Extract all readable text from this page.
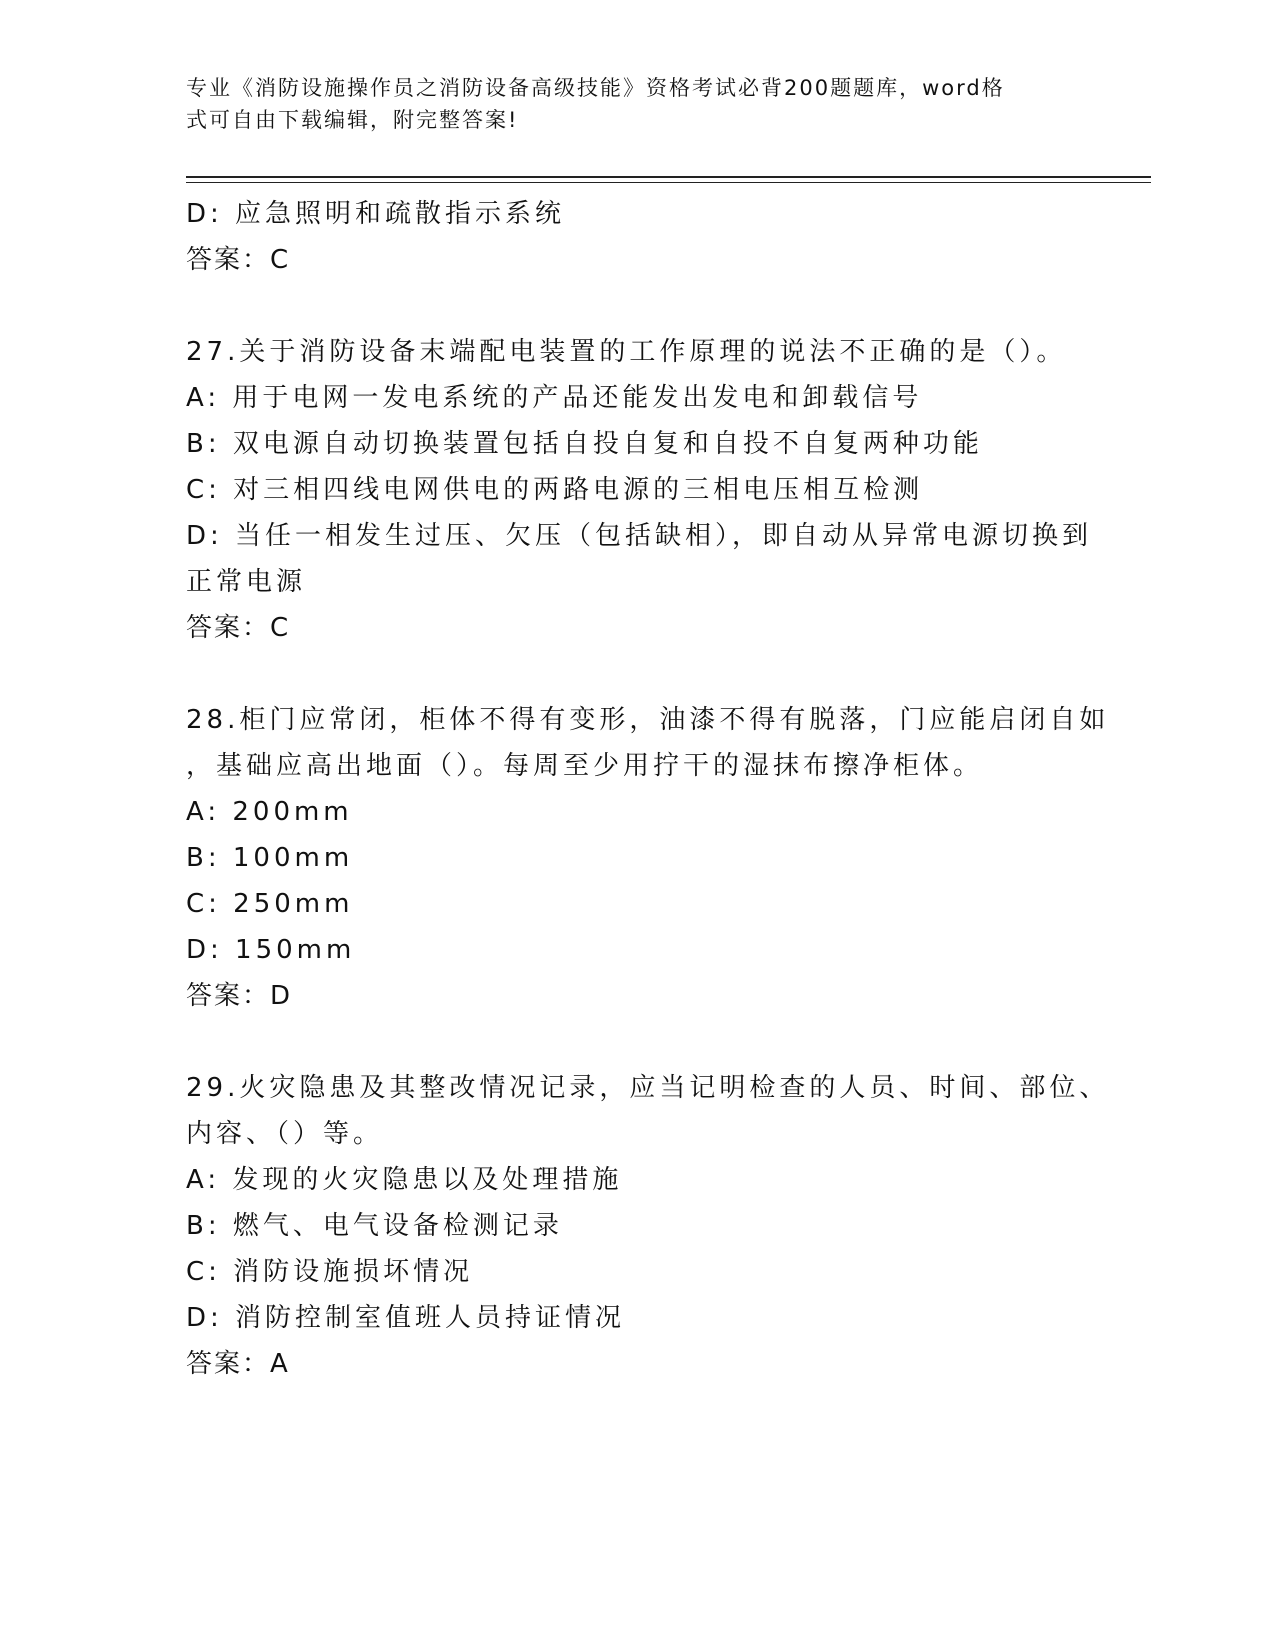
专业《消防设施操作员之消防设备高级技能》资格考试必背200题题库，word格
式可自由下载编辑，附完整答案!
D: 应急照明和疏散指示系统
答案：C
27.关于消防设备末端配电装置的工作原理的说法不正确的是（）。
A: 用于电网一发电系统的产品还能发出发电和卸载信号
B: 双电源自动切换装置包括自投自复和自投不自复两种功能
C: 对三相四线电网供电的两路电源的三相电压相互检测
D: 当任一相发生过压、欠压（包括缺相），即自动从异常电源切换到
正常电源
答案：C
28.柜门应常闭，柜体不得有变形，油漆不得有脱落，门应能启闭自如
，基础应高出地面（）。每周至少用拧干的湿抹布擦净柜体。
A: 200mm
B: 100mm
C: 250mm
D: 150mm
答案：D
29.火灾隐患及其整改情况记录，应当记明检查的人员、时间、部位、
内容、（）等。
A: 发现的火灾隐患以及处理措施
B: 燃气、电气设备检测记录
C: 消防设施损坏情况
D: 消防控制室值班人员持证情况
答案：A
